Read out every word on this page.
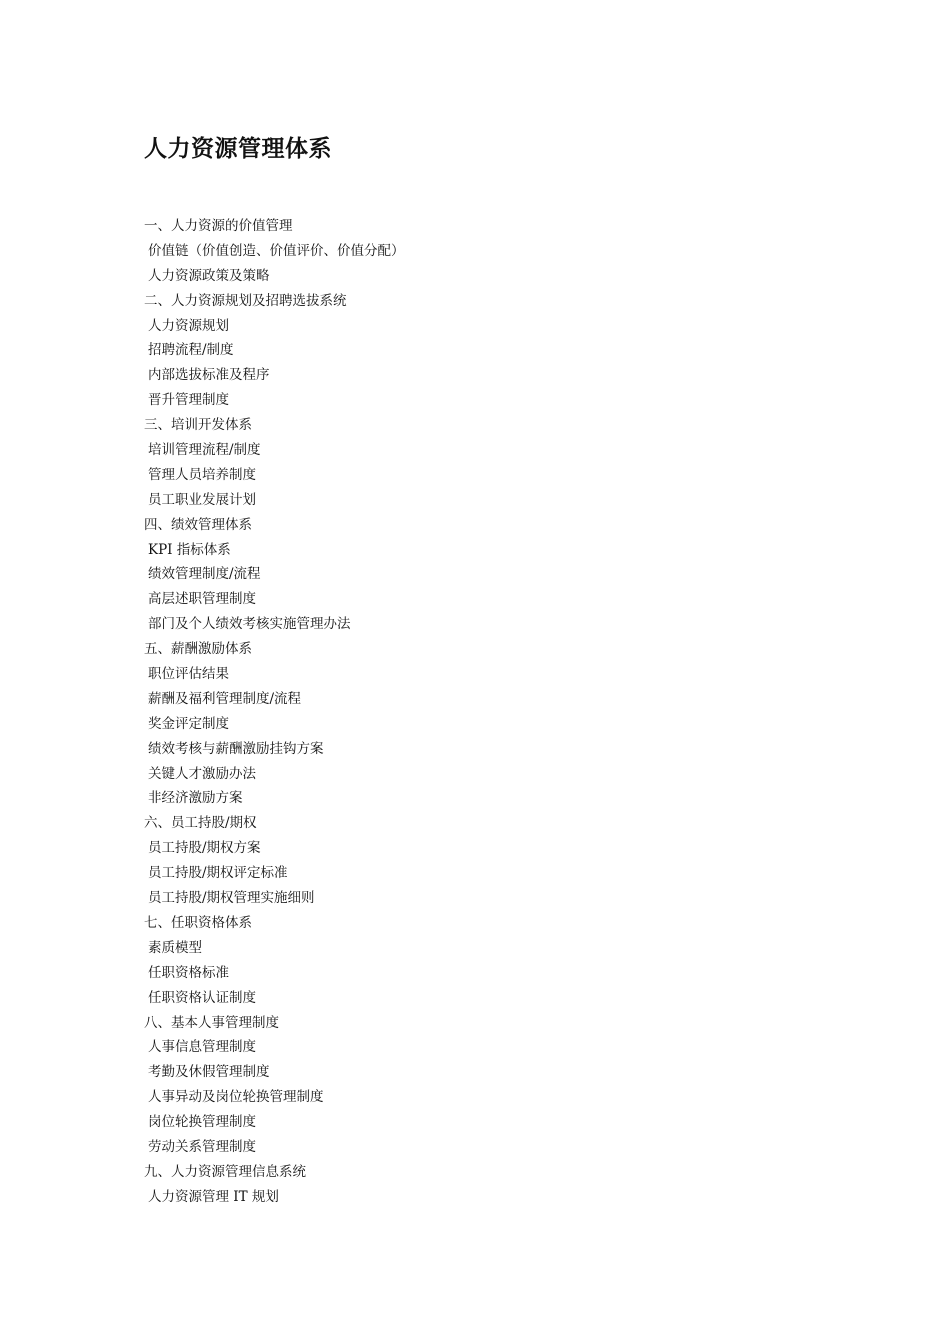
人力资源管理体系
一、人力资源的价值管理
价值链（价值创造、价值评价、价值分配）
人力资源政策及策略
二、人力资源规划及招聘选拔系统
人力资源规划
招聘流程/制度
内部选拔标准及程序
晋升管理制度
三、培训开发体系
培训管理流程/制度
管理人员培养制度
员工职业发展计划
四、绩效管理体系
KPI 指标体系
绩效管理制度/流程
高层述职管理制度
部门及个人绩效考核实施管理办法
五、薪酬激励体系
职位评估结果
薪酬及福利管理制度/流程
奖金评定制度
绩效考核与薪酬激励挂钩方案
关键人才激励办法
非经济激励方案
六、员工持股/期权
员工持股/期权方案
员工持股/期权评定标准
员工持股/期权管理实施细则
七、任职资格体系
素质模型
任职资格标准
任职资格认证制度
八、基本人事管理制度
人事信息管理制度
考勤及休假管理制度
人事异动及岗位轮换管理制度
岗位轮换管理制度
劳动关系管理制度
九、人力资源管理信息系统
人力资源管理 IT 规划
